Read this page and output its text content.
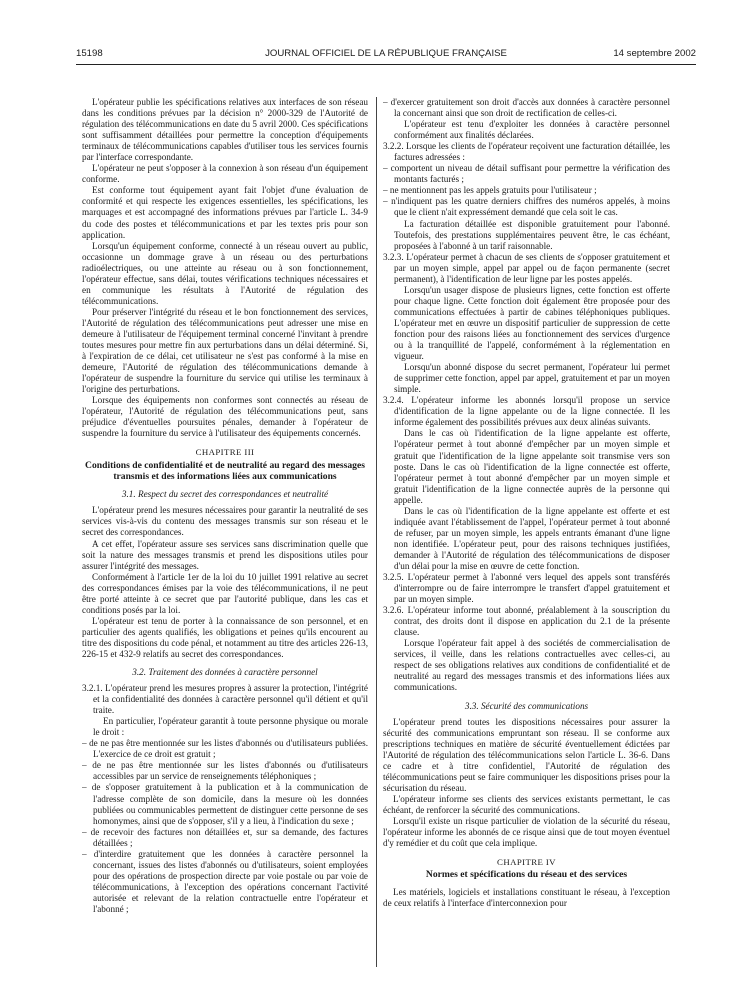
15198	JOURNAL OFFICIEL DE LA RÉPUBLIQUE FRANÇAISE	14 septembre 2002

L'opérateur publie les spécifications relatives aux interfaces de son réseau dans les conditions prévues par la décision n° 2000-329 de l'Autorité de régulation des télécommunications en date du 5 avril 2000. Ces spécifications sont suffisamment détaillées pour permettre la conception d'équipements terminaux de télécommunications capables d'utiliser tous les services fournis par l'interface correspondante.

L'opérateur ne peut s'opposer à la connexion à son réseau d'un équipement conforme.

Est conforme tout équipement ayant fait l'objet d'une évaluation de conformité et qui respecte les exigences essentielles, les spécifications, les marquages et est accompagné des informations prévues par l'article L. 34-9 du code des postes et télécommunications et par les textes pris pour son application.

Lorsqu'un équipement conforme, connecté à un réseau ouvert au public, occasionne un dommage grave à un réseau ou des perturbations radioélectriques, ou une atteinte au réseau ou à son fonctionnement, l'opérateur effectue, sans délai, toutes vérifications techniques nécessaires et en communique les résultats à l'Autorité de régulation des télécommunications.

Pour préserver l'intégrité du réseau et le bon fonctionnement des services, l'Autorité de régulation des télécommunications peut adresser une mise en demeure à l'utilisateur de l'équipement terminal concerné l'invitant à prendre toutes mesures pour mettre fin aux perturbations dans un délai déterminé. Si, à l'expiration de ce délai, cet utilisateur ne s'est pas conformé à la mise en demeure, l'Autorité de régulation des télécommunications demande à l'opérateur de suspendre la fourniture du service qui utilise les terminaux à l'origine des perturbations.

Lorsque des équipements non conformes sont connectés au réseau de l'opérateur, l'Autorité de régulation des télécommunications peut, sans préjudice d'éventuelles poursuites pénales, demander à l'opérateur de suspendre la fourniture du service à l'utilisateur des équipements concernés.

CHAPITRE III
Conditions de confidentialité et de neutralité au regard des messages transmis et des informations liées aux communications
3.1. Respect du secret des correspondances et neutralité

L'opérateur prend les mesures nécessaires pour garantir la neutralité de ses services vis-à-vis du contenu des messages transmis sur son réseau et le secret des correspondances.

A cet effet, l'opérateur assure ses services sans discrimination quelle que soit la nature des messages transmis et prend les dispositions utiles pour assurer l'intégrité des messages.

Conformément à l'article 1er de la loi du 10 juillet 1991 relative au secret des correspondances émises par la voie des télécommunications, il ne peut être porté atteinte à ce secret que par l'autorité publique, dans les cas et conditions posés par la loi.

L'opérateur est tenu de porter à la connaissance de son personnel, et en particulier des agents qualifiés, les obligations et peines qu'ils encourent au titre des dispositions du code pénal, et notamment au titre des articles 226-13, 226-15 et 432-9 relatifs au secret des correspondances.

3.2. Traitement des données à caractère personnel

3.2.1. L'opérateur prend les mesures propres à assurer la protection, l'intégrité et la confidentialité des données à caractère personnel qu'il détient et qu'il traite.

En particulier, l'opérateur garantit à toute personne physique ou morale le droit :

– de ne pas être mentionnée sur les listes d'abonnés ou d'utilisateurs publiées. L'exercice de ce droit est gratuit ;

– de ne pas être mentionnée sur les listes d'abonnés ou d'utilisateurs accessibles par un service de renseignements téléphoniques ;

– de s'opposer gratuitement à la publication et à la communication de l'adresse complète de son domicile, dans la mesure où les données publiées ou communicables permettent de distinguer cette personne de ses homonymes, ainsi que de s'opposer, s'il y a lieu, à l'indication du sexe ;

– de recevoir des factures non détaillées et, sur sa demande, des factures détaillées ;

– d'interdire gratuitement que les données à caractère personnel la concernant, issues des listes d'abonnés ou d'utilisateurs, soient employées pour des opérations de prospection directe par voie postale ou par voie de télécommunications, à l'exception des opérations concernant l'activité autorisée et relevant de la relation contractuelle entre l'opérateur et l'abonné ;

– d'exercer gratuitement son droit d'accès aux données à caractère personnel la concernant ainsi que son droit de rectification de celles-ci.

L'opérateur est tenu d'exploiter les données à caractère personnel conformément aux finalités déclarées.

3.2.2. Lorsque les clients de l'opérateur reçoivent une facturation détaillée, les factures adressées :

– comportent un niveau de détail suffisant pour permettre la vérification des montants facturés ;

– ne mentionnent pas les appels gratuits pour l'utilisateur ;

– n'indiquent pas les quatre derniers chiffres des numéros appelés, à moins que le client n'ait expressément demandé que cela soit le cas.

La facturation détaillée est disponible gratuitement pour l'abonné. Toutefois, des prestations supplémentaires peuvent être, le cas échéant, proposées à l'abonné à un tarif raisonnable.

3.2.3. L'opérateur permet à chacun de ses clients de s'opposer gratuitement et par un moyen simple, appel par appel ou de façon permanente (secret permanent), à l'identification de leur ligne par les postes appelés.

Lorsqu'un usager dispose de plusieurs lignes, cette fonction est offerte pour chaque ligne. Cette fonction doit également être proposée pour des communications effectuées à partir de cabines téléphoniques publiques. L'opérateur met en œuvre un dispositif particulier de suppression de cette fonction pour des raisons liées au fonctionnement des services d'urgence ou à la tranquillité de l'appelé, conformément à la réglementation en vigueur.

Lorsqu'un abonné dispose du secret permanent, l'opérateur lui permet de supprimer cette fonction, appel par appel, gratuitement et par un moyen simple.

3.2.4. L'opérateur informe les abonnés lorsqu'il propose un service d'identification de la ligne appelante ou de la ligne connectée. Il les informe également des possibilités prévues aux deux alinéas suivants.

Dans le cas où l'identification de la ligne appelante est offerte, l'opérateur permet à tout abonné d'empêcher par un moyen simple et gratuit que l'identification de la ligne appelante soit transmise vers son poste. Dans le cas où l'identification de la ligne connectée est offerte, l'opérateur permet à tout abonné d'empêcher par un moyen simple et gratuit l'identification de la ligne connectée auprès de la personne qui appelle.

Dans le cas où l'identification de la ligne appelante est offerte et est indiquée avant l'établissement de l'appel, l'opérateur permet à tout abonné de refuser, par un moyen simple, les appels entrants émanant d'une ligne non identifiée. L'opérateur peut, pour des raisons techniques justifiées, demander à l'Autorité de régulation des télécommunications de disposer d'un délai pour la mise en œuvre de cette fonction.

3.2.5. L'opérateur permet à l'abonné vers lequel des appels sont transférés d'interrompre ou de faire interrompre le transfert d'appel gratuitement et par un moyen simple.

3.2.6. L'opérateur informe tout abonné, préalablement à la souscription du contrat, des droits dont il dispose en application du 2.1 de la présente clause.

Lorsque l'opérateur fait appel à des sociétés de commercialisation de services, il veille, dans les relations contractuelles avec celles-ci, au respect de ses obligations relatives aux conditions de confidentialité et de neutralité au regard des messages transmis et des informations liées aux communications.

3.3. Sécurité des communications

L'opérateur prend toutes les dispositions nécessaires pour assurer la sécurité des communications empruntant son réseau. Il se conforme aux prescriptions techniques en matière de sécurité éventuellement édictées par l'Autorité de régulation des télécommunications selon l'article L. 36-6. Dans ce cadre et à titre confidentiel, l'Autorité de régulation des télécommunications peut se faire communiquer les dispositions prises pour la sécurisation du réseau.

L'opérateur informe ses clients des services existants permettant, le cas échéant, de renforcer la sécurité des communications.

Lorsqu'il existe un risque particulier de violation de la sécurité du réseau, l'opérateur informe les abonnés de ce risque ainsi que de tout moyen éventuel d'y remédier et du coût que cela implique.

CHAPITRE IV
Normes et spécifications du réseau et des services

Les matériels, logiciels et installations constituant le réseau, à l'exception de ceux relatifs à l'interface d'interconnexion pour
